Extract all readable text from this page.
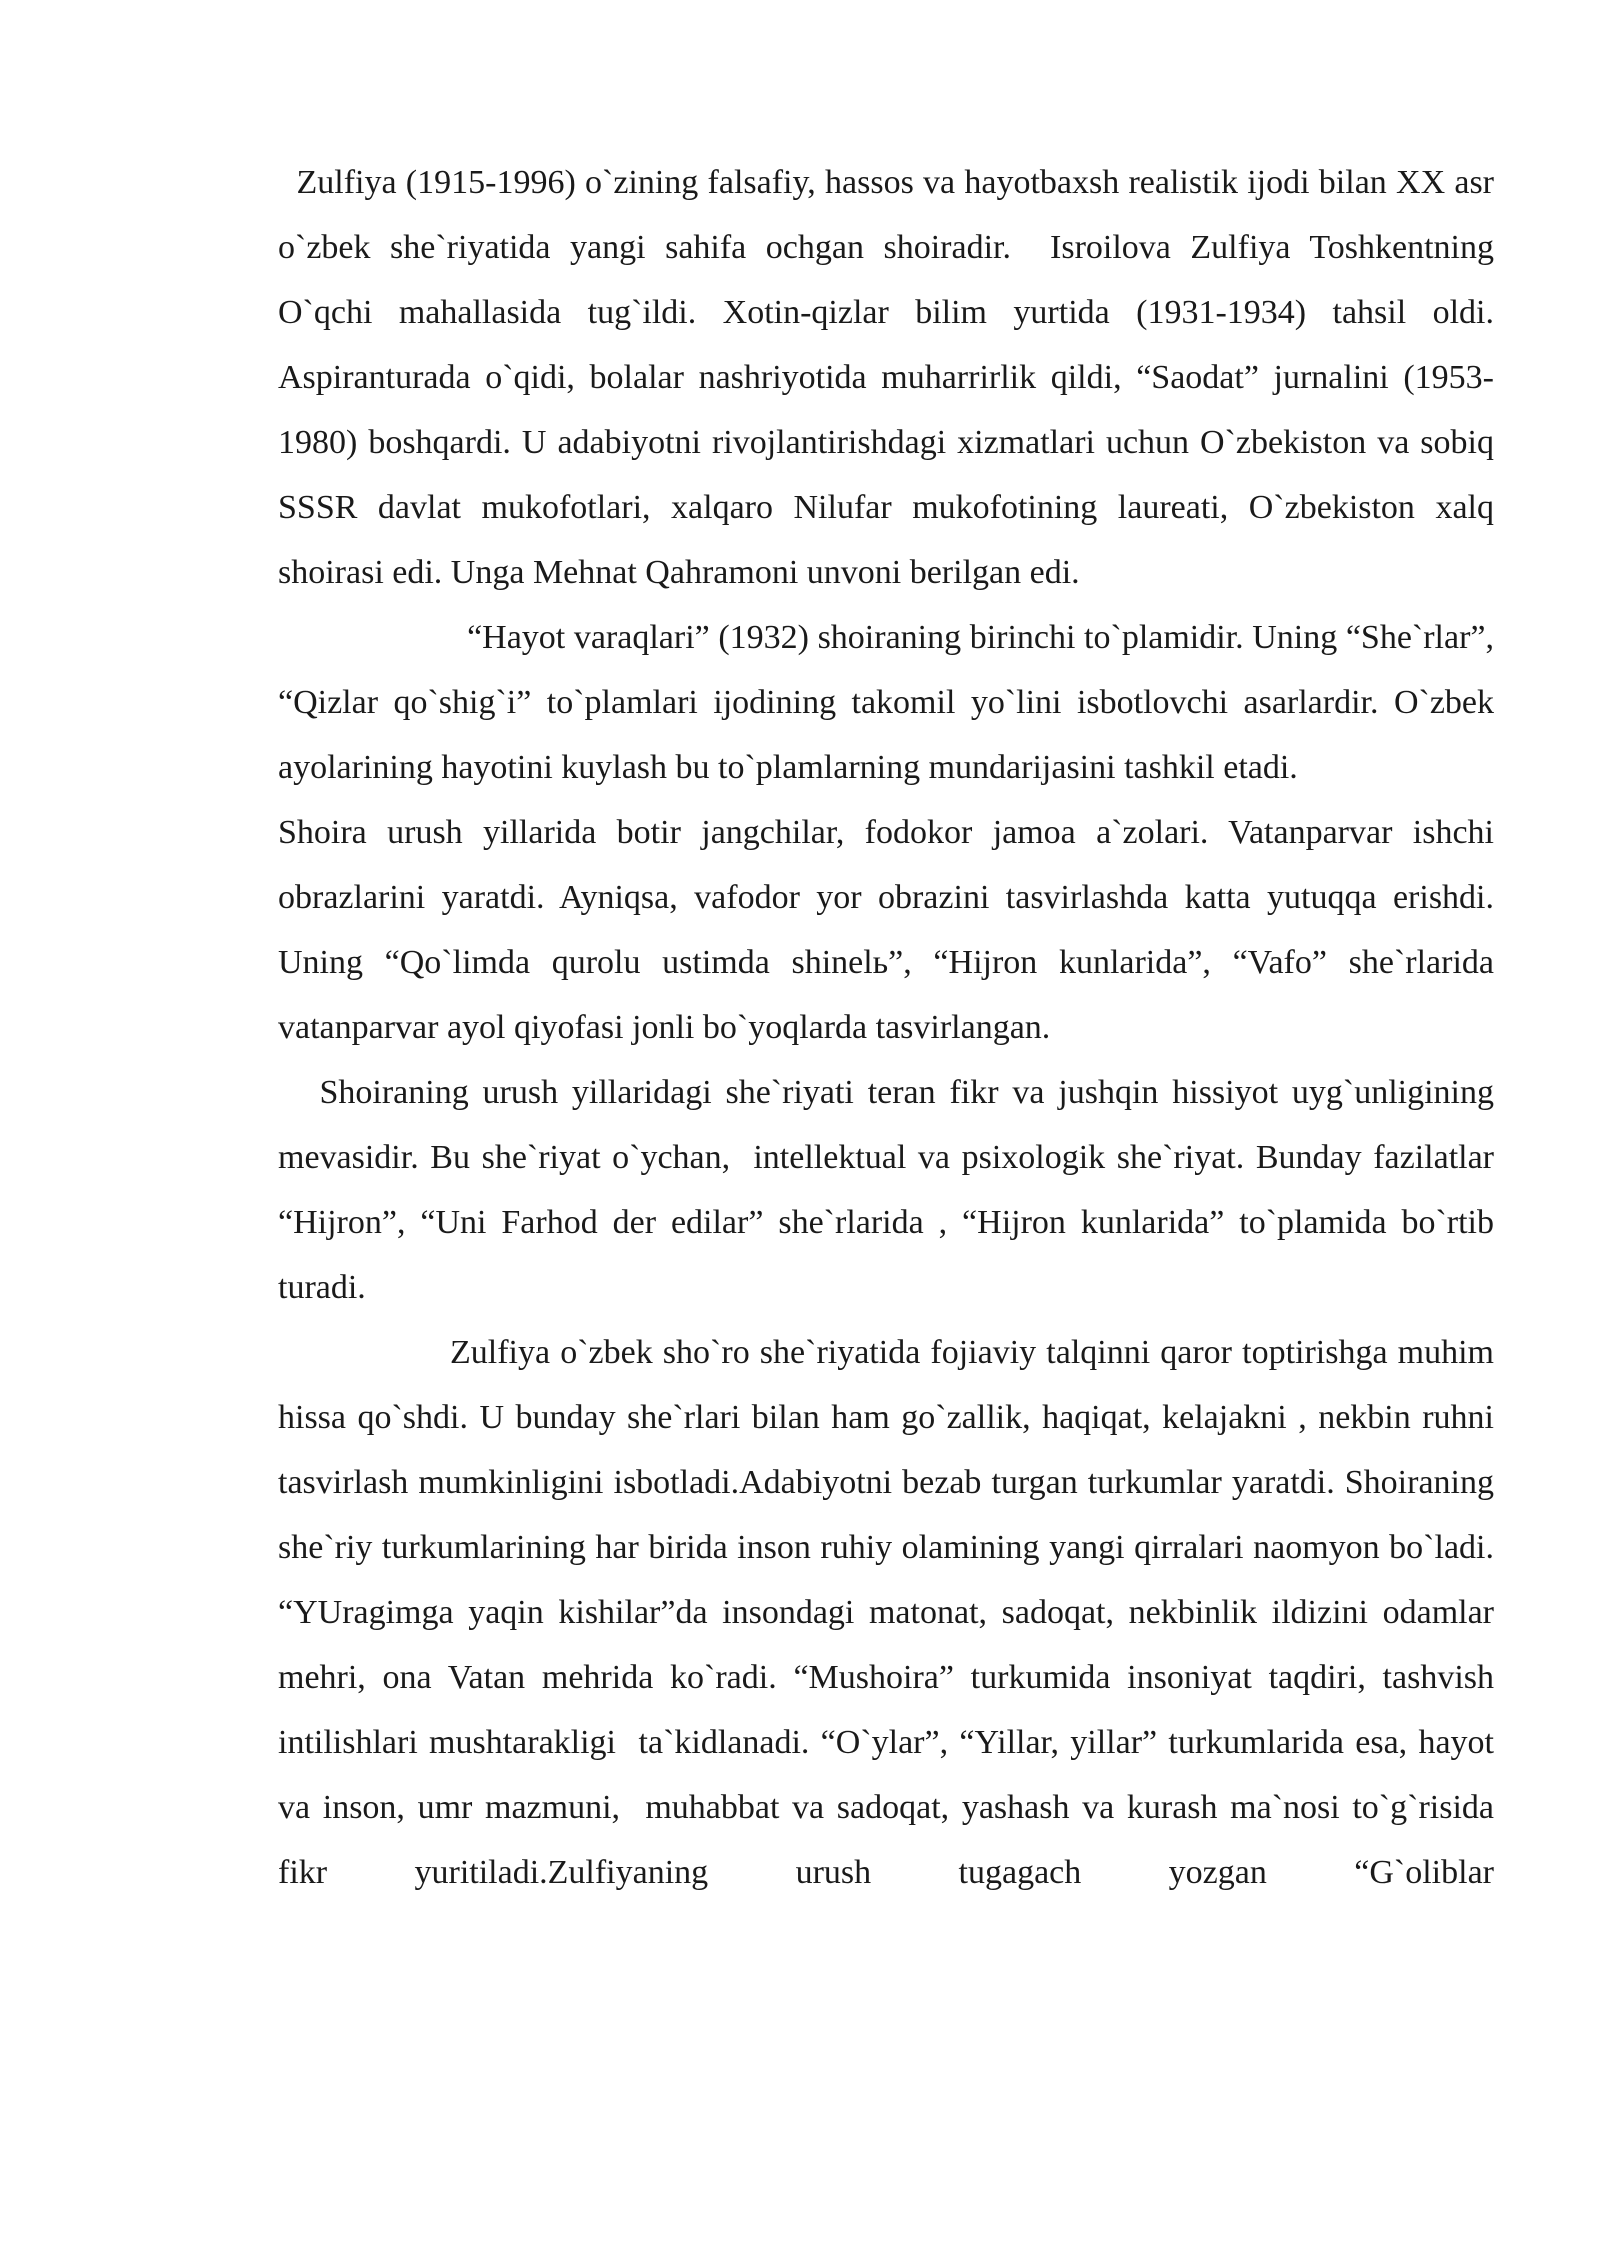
Zulfiya (1915-1996) o`zining falsafiy, hassos va hayotbaxsh realistik ijodi bilan XX asr o`zbek she`riyatida yangi sahifa ochgan shoiradir.  Isroilova Zulfiya Toshkentning O`qchi mahallasida tug`ildi. Xotin-qizlar bilim yurtida (1931-1934) tahsil oldi. Aspiranturada o`qidi, bolalar nashriyotida muharrirlik qildi, “Saodat” jurnalini (1953-1980) boshqardi. U adabiyotni rivojlantirishdagi xizmatlari uchun O`zbekiston va sobiq SSSR davlat mukofotlari, xalqaro Nilufar mukofotining laureati, O`zbekiston xalq shoirasi edi. Unga Mehnat Qahramoni unvoni berilgan edi.

“Hayot varaqlari” (1932) shoiraning birinchi to`plamidir. Uning “She`rlar”, “Qizlar qo`shig`i” to`plamlari ijodining takomil yo`lini isbotlovchi asarlardir. O`zbek ayolarining hayotini kuylash bu to`plamlarning mundarijasini tashkil etadi.

Shoira urush yillarida botir jangchilar, fodokor jamoa a`zolari. Vatanparvar ishchi obrazlarini yaratdi. Ayniqsa, vafodor yor obrazini tasvirlashda katta yutuqqa erishdi. Uning “Qo`limda qurolu ustimda shinelь”, “Hijron kunlarida”, “Vafo” she`rlarida vatanparvar ayol qiyofasi jonli bo`yoqlarda tasvirlangan.

Shoiraning urush yillaridagi she`riyati teran fikr va jushqin hissiyot uyg`unligining mevasidir. Bu she`riyat o`ychan,  intellektual va psixologik she`riyat. Bunday fazilatlar “Hijron”, “Uni Farhod der edilar” she`rlarida , “Hijron kunlarida” to`plamida bo`rtib turadi.

Zulfiya o`zbek sho`ro she`riyatida fojiaviy talqinni qaror toptirishga muhim hissa qo`shdi. U bunday she`rlari bilan ham go`zallik, haqiqat, kelajakni , nekbin ruhni tasvirlash mumkinligini isbotladi.Adabiyotni bezab turgan turkumlar yaratdi. Shoiraning she`riy turkumlarining har birida inson ruhiy olamining yangi qirralari naomyon bo`ladi. “YUragimga yaqin kishilar”da insondagi matonat, sadoqat, nekbinlik ildizini odamlar mehri, ona Vatan mehrida ko`radi. “Mushoira” turkumida insoniyat taqdiri, tashvish intilishlari mushtarakligi  ta`kidlanadi. “O`ylar”, “Yillar, yillar” turkumlarida esa, hayot va inson, umr mazmuni,  muhabbat va sadoqat, yashash va kurash ma`nosi to`g`risida fikr yuritiladi.Zulfiyaning urush tugagach yozgan “G`oliblar
